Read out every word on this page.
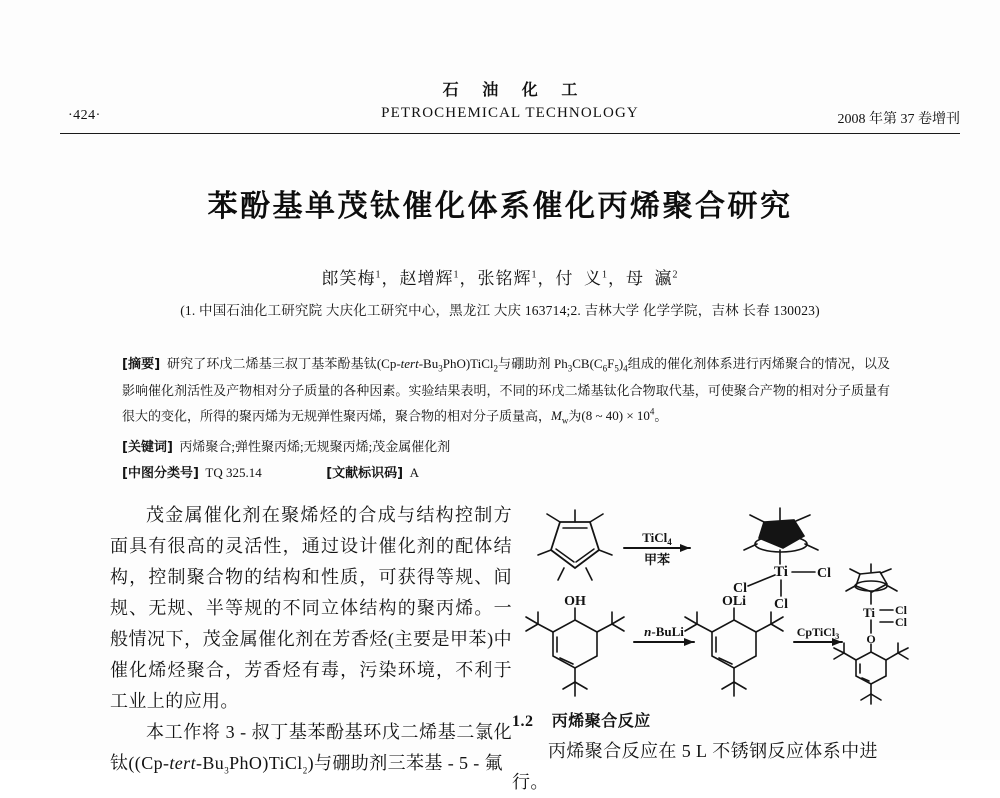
·424·
石 油 化 工
PETROCHEMICAL TECHNOLOGY	2008 年第 37 卷增刊
苯酚基单茂钛催化体系催化丙烯聚合研究
郎笑梅$^1$，赵增辉$^1$，张铭辉$^1$，付  义$^1$，母  瀛$^2$
(1. 中国石油化工研究院 大庆化工研究中心，黑龙江 大庆 163714;2. 吉林大学 化学学院，吉林 长春 130023)

[摘要] 研究了环戊二烯基三叔丁基苯酚基钛$(Cp-tert-Bu_3PhO)TiCl_2$与硼助剂 $Ph_3CB(C_6F_5)_4$组成的催化剂体系进行丙烯聚合的情况，以及影响催化剂活性及产物相对分子质量的各种因素。实验结果表明，不同的环戊二烯基钛化合物取代基，可使聚合产物的相对分子质量有很大的变化，所得的聚丙烯为无规弹性聚丙烯，聚合物的相对分子质量高，$M_w$为(8 ~ $40) \times 10^4$。

[关键词] 丙烯聚合;弹性聚丙烯;无规聚丙烯;茂金属催化剂

[中图分类号] TQ 325.14	[文献标识码] A

茂金属催化剂在聚烯烃的合成与结构控制方面具有很高的灵活性，通过设计催化剂的配体结构，控制聚合物的结构和性质，可获得等规、间规、无规、半等规的不同立体结构的聚丙烯。一般情况下，茂金属催化剂在芳香烃(主要是甲苯)中催化烯烃聚合，芳香烃有毒，污染环境，不利于工业上的应用。

本工作将 3 - 叔丁基苯酚基环戊二烯基二氯化钛$((Cp-tert-Bu_3PhO)TiCl_2)$与硼助剂三苯基 - 5 - 氟

TiCl$_4$
甲苯
Ti
Cl
Cl
Cl
OH	OLi
n-BuLi	CpTiCl$_3$
Ti Cl
Cl
O
1.2 丙烯聚合反应
丙烯聚合反应在 5 L 不锈钢反应体系中进行。
